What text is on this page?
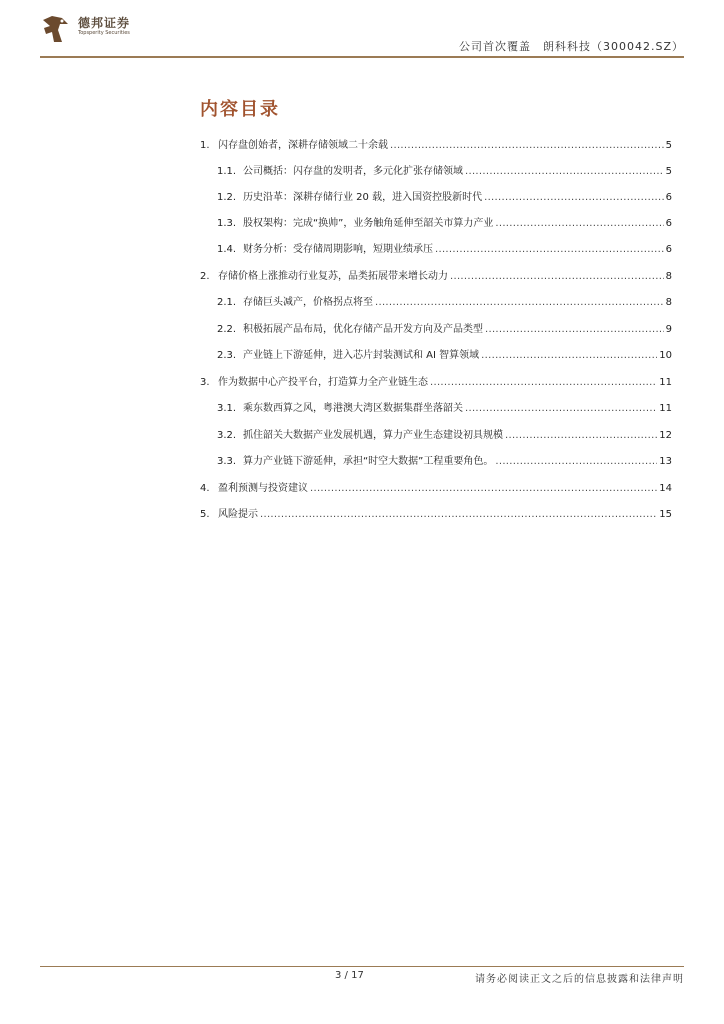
德邦证券
Topsperity Securities
公司首次覆盖　朗科科技（300042.SZ）
内容目录
1. 闪存盘创始者，深耕存储领域二十余载 .....	5
1.1. 公司概括：闪存盘的发明者，多元化扩张存储领域 .....	5
1.2. 历史沿革：深耕存储行业 20 载，进入国资控股新时代 .....	6
1.3. 股权架构：完成“换帅”，业务触角延伸至韶关市算力产业 .....	6
1.4. 财务分析：受存储周期影响，短期业绩承压 .....	6
2. 存储价格上涨推动行业复苏，品类拓展带来增长动力 .....	8
2.1. 存储巨头减产，价格拐点将至 .....	8
2.2. 积极拓展产品布局，优化存储产品开发方向及产品类型 .....	9
2.3. 产业链上下游延伸，进入芯片封装测试和 AI 智算领域 .....	10
3. 作为数据中心产投平台，打造算力全产业链生态 .....	11
3.1. 乘东数西算之风，粤港澳大湾区数据集群坐落韶关 .....	11
3.2. 抓住韶关大数据产业发展机遇，算力产业生态建设初具规模 .....	12
3.3. 算力产业链下游延伸，承担“时空大数据”工程重要角色。 .....	13
4. 盈利预测与投资建议 .....	14
5. 风险提示 .....	15
3 / 17	请务必阅读正文之后的信息披露和法律声明
